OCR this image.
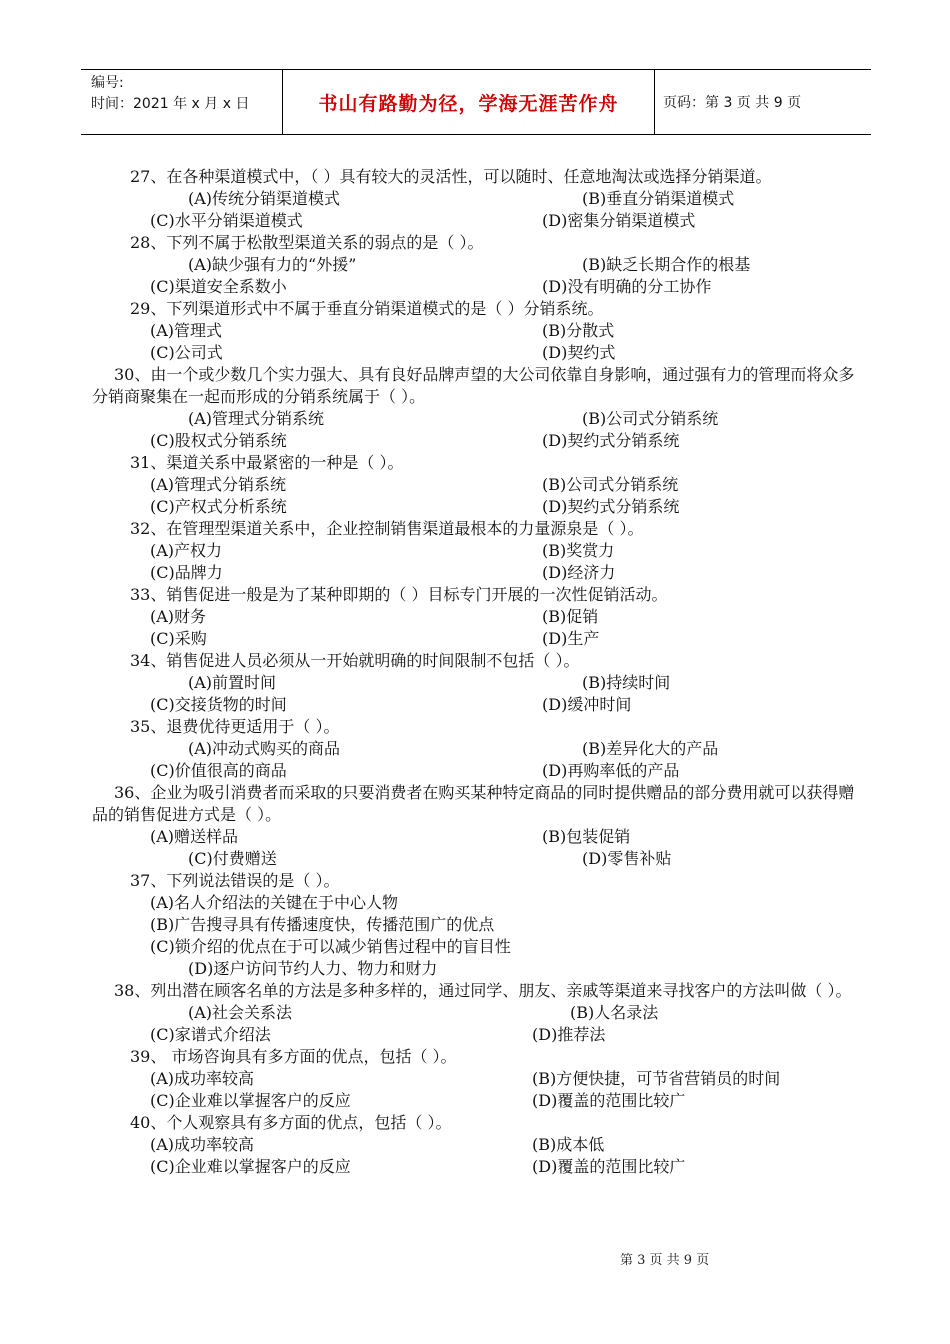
编号:
时间：2021 年 x 月 x 日	书山有路勤为径，学海无涯苦作舟	页码：第 3 页 共 9 页

27、在各种渠道模式中，（ ）具有较大的灵活性，可以随时、任意地淘汰或选择分销渠道。

(A)传统分销渠道模式	(B)垂直分销渠道模式
(C)水平分销渠道模式	(D)密集分销渠道模式

28、下列不属于松散型渠道关系的弱点的是（ ）。

(A)缺少强有力的“外援”	(B)缺乏长期合作的根基
(C)渠道安全系数小	(D)没有明确的分工协作

29、下列渠道形式中不属于垂直分销渠道模式的是（ ）分销系统。

(A)管理式	(B)分散式
(C)公司式	(D)契约式

30、由一个或少数几个实力强大、具有良好品牌声望的大公司依靠自身影响，通过强有力的管理而将众多分销商聚集在一起而形成的分销系统属于（ ）。

(A)管理式分销系统	(B)公司式分销系统
(C)股权式分销系统	(D)契约式分销系统

31、渠道关系中最紧密的一种是（ ）。

(A)管理式分销系统	(B)公司式分销系统
(C)产权式分析系统	(D)契约式分销系统

32、在管理型渠道关系中，企业控制销售渠道最根本的力量源泉是（ ）。

(A)产权力	(B)奖赏力
(C)品牌力	(D)经济力

33、销售促进一般是为了某种即期的（ ）目标专门开展的一次性促销活动。

(A)财务	(B)促销
(C)采购	(D)生产

34、销售促进人员必须从一开始就明确的时间限制不包括（ ）。

(A)前置时间	(B)持续时间
(C)交接货物的时间	(D)缓冲时间

35、退费优待更适用于（ ）。

(A)冲动式购买的商品	(B)差异化大的产品
(C)价值很高的商品	(D)再购率低的产品

36、企业为吸引消费者而采取的只要消费者在购买某种特定商品的同时提供赠品的部分费用就可以获得赠品的销售促进方式是（ ）。

(A)赠送样品	(B)包装促销
(C)付费赠送	(D)零售补贴

37、下列说法错误的是（ ）。

(A)名人介绍法的关键在于中心人物

(B)广告搜寻具有传播速度快，传播范围广的优点

(C)锁介绍的优点在于可以减少销售过程中的盲目性

(D)逐户访问节约人力、物力和财力

38、列出潜在顾客名单的方法是多种多样的，通过同学、朋友、亲戚等渠道来寻找客户的方法叫做（ ）。

(A)社会关系法	(B)人名录法
(C)家谱式介绍法	(D)推荐法

39、 市场咨询具有多方面的优点，包括（ ）。

(A)成功率较高	(B)方便快捷，可节省营销员的时间
(C)企业难以掌握客户的反应	(D)覆盖的范围比较广

40、个人观察具有多方面的优点，包括（ ）。

(A)成功率较高	(B)成本低
(C)企业难以掌握客户的反应	(D)覆盖的范围比较广
第 3 页 共 9 页
